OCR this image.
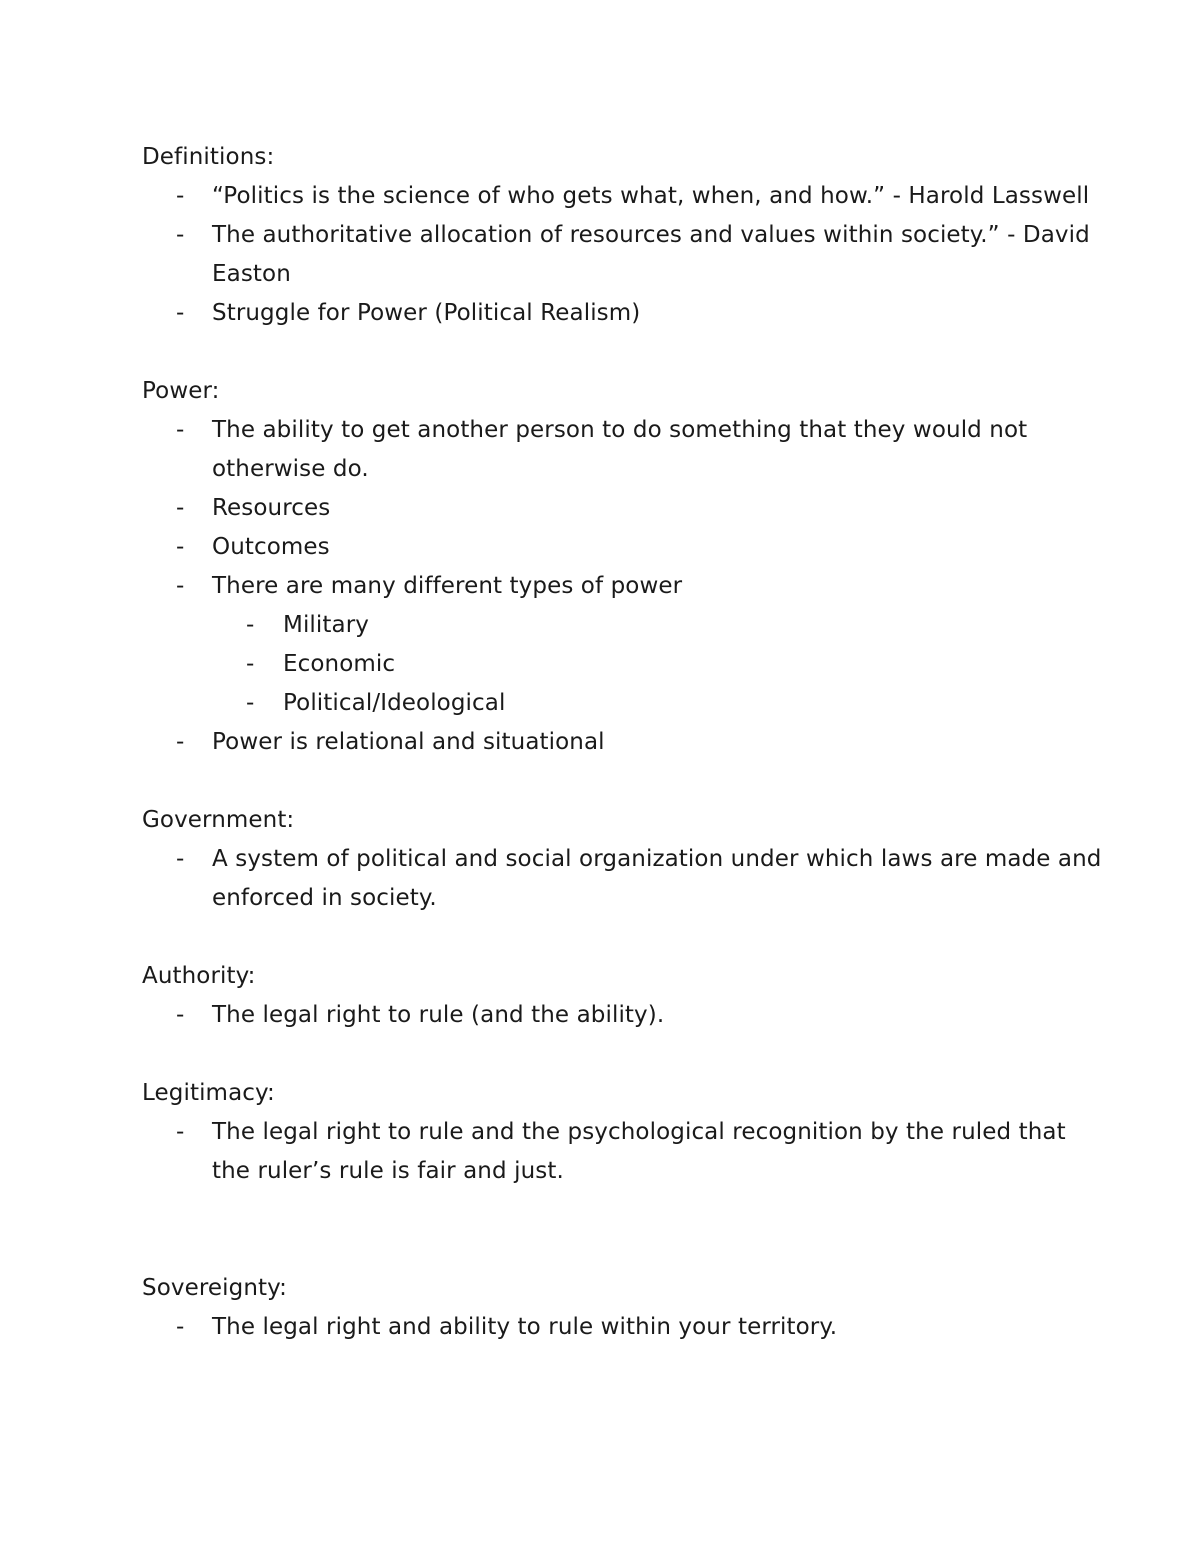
Definitions:
- “Politics is the science of who gets what, when, and how.” - Harold Lasswell
- The authoritative allocation of resources and values within society.” - David Easton
- Struggle for Power (Political Realism)
Power:
- The ability to get another person to do something that they would not otherwise do.
- Resources
- Outcomes
- There are many different types of power
- Military
- Economic
- Political/Ideological
- Power is relational and situational
Government:
- A system of political and social organization under which laws are made and enforced in society.
Authority:
- The legal right to rule (and the ability).
Legitimacy:
- The legal right to rule and the psychological recognition by the ruled that the ruler’s rule is fair and just.
Sovereignty:
- The legal right and ability to rule within your territory.
